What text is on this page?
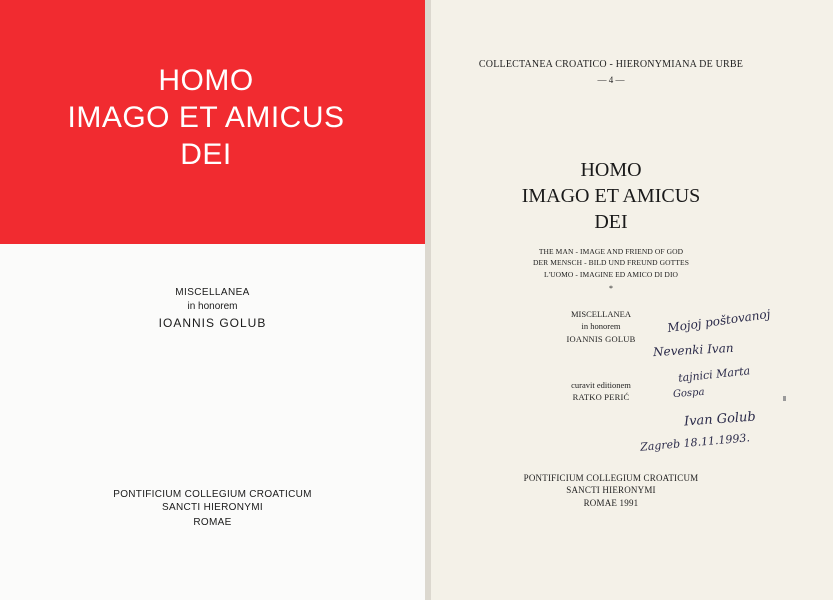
HOMO
IMAGO ET AMICUS
DEI
MISCELLANEA
in honorem
IOANNIS GOLUB
PONTIFICIUM COLLEGIUM CROATICUM
SANCTI HIERONYMI
ROMAE
COLLECTANEA CROATICO - HIERONYMIANA DE URBE
— 4 —
HOMO
IMAGO ET AMICUS
DEI
THE MAN - IMAGE AND FRIEND OF GOD
DER MENSCH - BILD UND FREUND GOTTES
L'UOMO - IMAGINE ED AMICO DI DIO
*
MISCELLANEA
in honorem
IOANNIS GOLUB
curavit editionem
RATKO PERIĆ
PONTIFICIUM COLLEGIUM CROATICUM
SANCTI HIERONYMI
ROMAE 1991
Mojoj poštovanoj
Nevenki Ivan
tajnici Marta
Gospa
Ivan Golub
Zagreb 18.11.1993.
